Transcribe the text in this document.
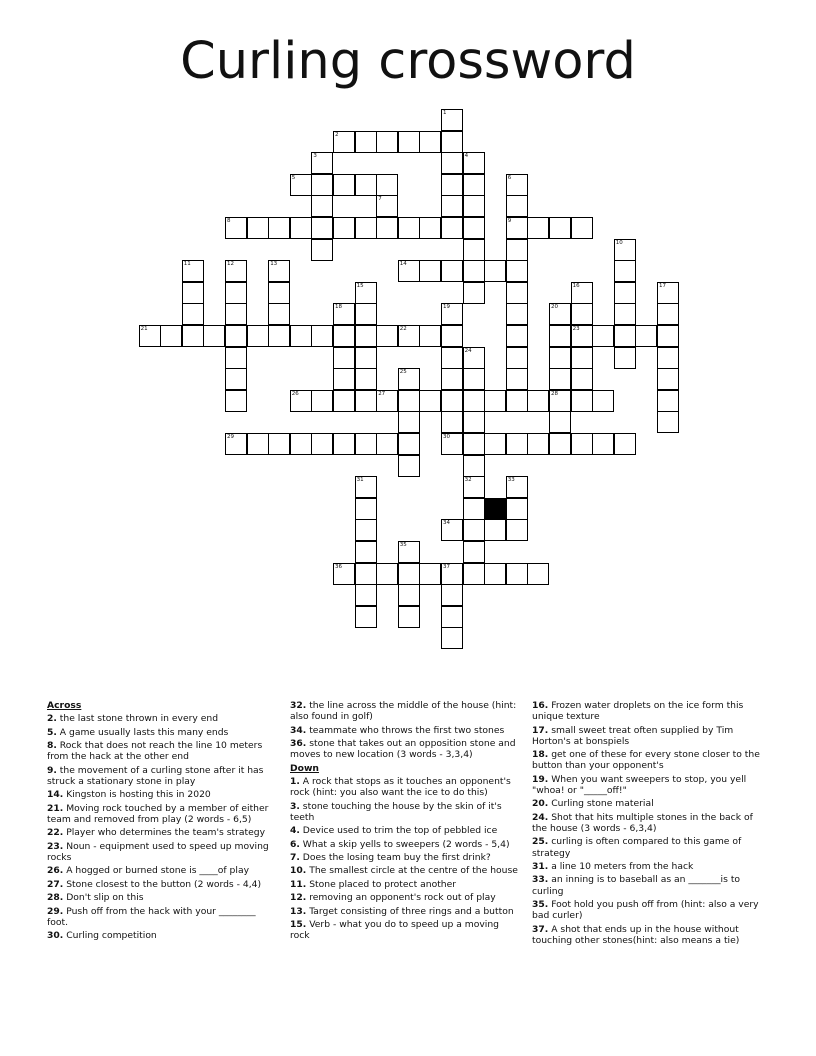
Curling crossword
2
5
8	9
14
21	22	23
26	27	28
29	30
34
36	37
1
3	4
6
7
10
11	12	13
15	16	17
18	19	20
24
32
25
31	33
35

Across

2. the last stone thrown in every end

5. A game usually lasts this many ends

8. Rock that does not reach the line 10 meters from the hack at the other end

9. the movement of a curling stone after it has struck a stationary stone in play

14. Kingston is hosting this in 2020

21. Moving rock touched by a member of either team and removed from play (2 words - 6,5)

22. Player who determines the team's strategy

23. Noun - equipment used to speed up moving rocks

26. A hogged or burned stone is ____of play

27. Stone closest to the button (2 words - 4,4)

28. Don't slip on this

29. Push off from the hack with your ________ foot.

30. Curling competition

32. the line across the middle of the house (hint: also found in golf)

34. teammate who throws the first two stones

36. stone that takes out an opposition stone and moves to new location (3 words - 3,3,4)

Down

1. A rock that stops as it touches an opponent's rock (hint: you also want the ice to do this)

3. stone touching the house by the skin of it's teeth

4. Device used to trim the top of pebbled ice

6. What a skip yells to sweepers (2 words - 5,4)

7. Does the losing team buy the first drink?

10. The smallest circle at the centre of the house

11. Stone placed to protect another

12. removing an opponent's rock out of play

13. Target consisting of three rings and a button

15. Verb - what you do to speed up a moving rock

16. Frozen water droplets on the ice form this unique texture

17. small sweet treat often supplied by Tim Horton's at bonspiels

18. get one of these for every stone closer to the button than your opponent's

19. When you want sweepers to stop, you yell "whoa! or "_____off!"

20. Curling stone material

24. Shot that hits multiple stones in the back of the house (3 words - 6,3,4)

25. curling is often compared to this game of strategy

31. a line 10 meters from the hack

33. an inning is to baseball as an _______is to curling

35. Foot hold you push off from (hint: also a very bad curler)

37. A shot that ends up in the house without touching other stones(hint: also means a tie)
